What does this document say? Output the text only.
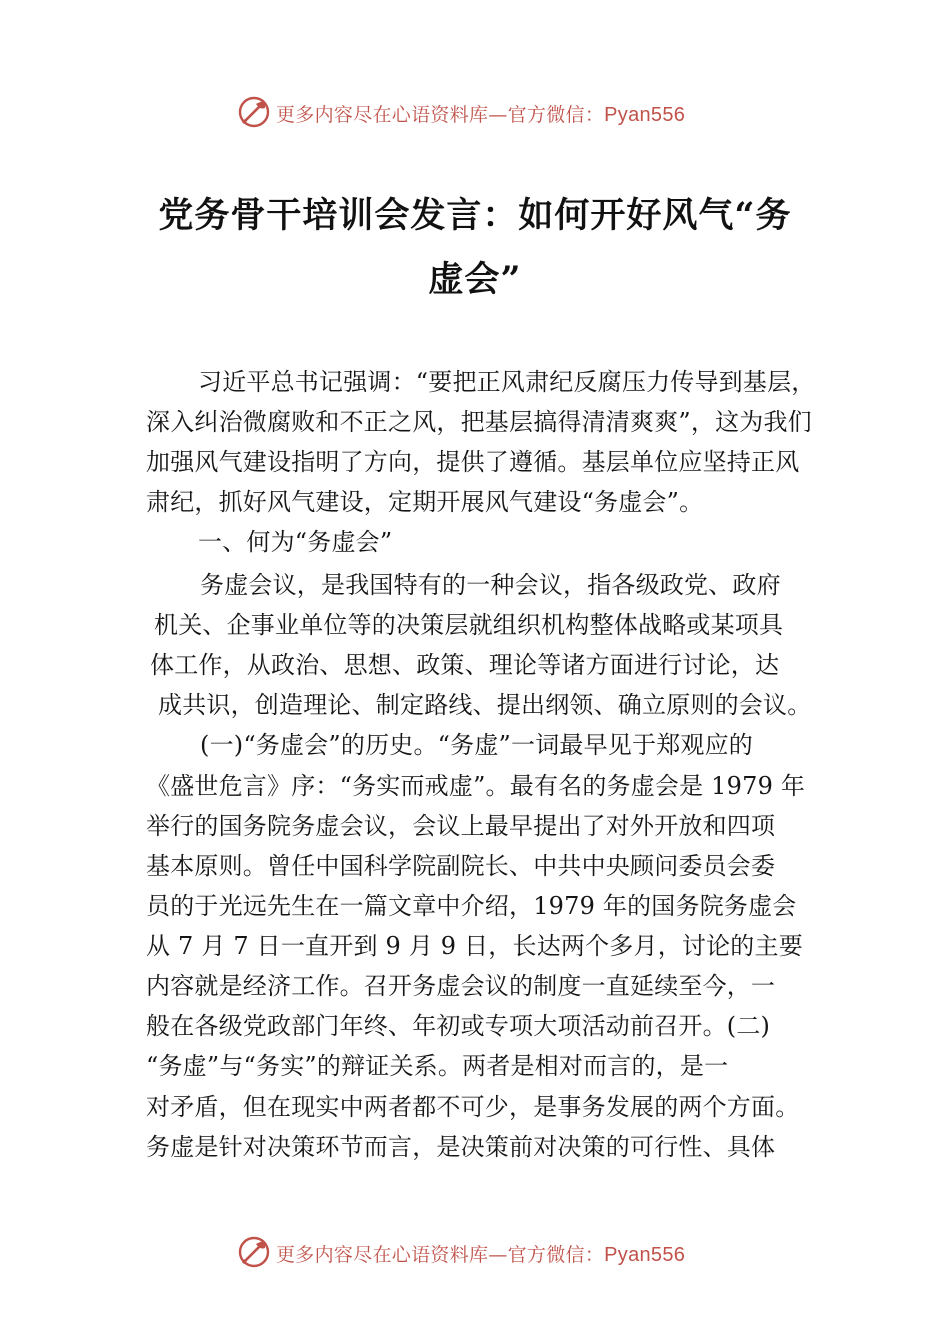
更多内容尽在心语资料库—官方微信：Pyan556
党务骨干培训会发言：如何开好风气“务
虚会”
习近平总书记强调：“要把正风肃纪反腐压力传导到基层，
深入纠治微腐败和不正之风，把基层搞得清清爽爽”，这为我们
加强风气建设指明了方向，提供了遵循。基层单位应坚持正风
肃纪，抓好风气建设，定期开展风气建设“务虚会”。
一、何为“务虚会”
务虚会议，是我国特有的一种会议，指各级政党、政府
机关、企事业单位等的决策层就组织机构整体战略或某项具
体工作，从政治、思想、政策、理论等诸方面进行讨论，达
成共识，创造理论、制定路线、提出纲领、确立原则的会议。
(一)“务虚会”的历史。“务虚”一词最早见于郑观应的
《盛世危言》序：“务实而戒虚”。最有名的务虚会是 1979 年
举行的国务院务虚会议，会议上最早提出了对外开放和四项
基本原则。曾任中国科学院副院长、中共中央顾问委员会委
员的于光远先生在一篇文章中介绍，1979 年的国务院务虚会
从 7 月 7 日一直开到 9 月 9 日，长达两个多月，讨论的主要
内容就是经济工作。召开务虚会议的制度一直延续至今，一
般在各级党政部门年终、年初或专项大项活动前召开。(二)
“务虚”与“务实”的辩证关系。两者是相对而言的，是一
对矛盾，但在现实中两者都不可少，是事务发展的两个方面。
务虚是针对决策环节而言，是决策前对决策的可行性、具体
更多内容尽在心语资料库—官方微信：Pyan556
